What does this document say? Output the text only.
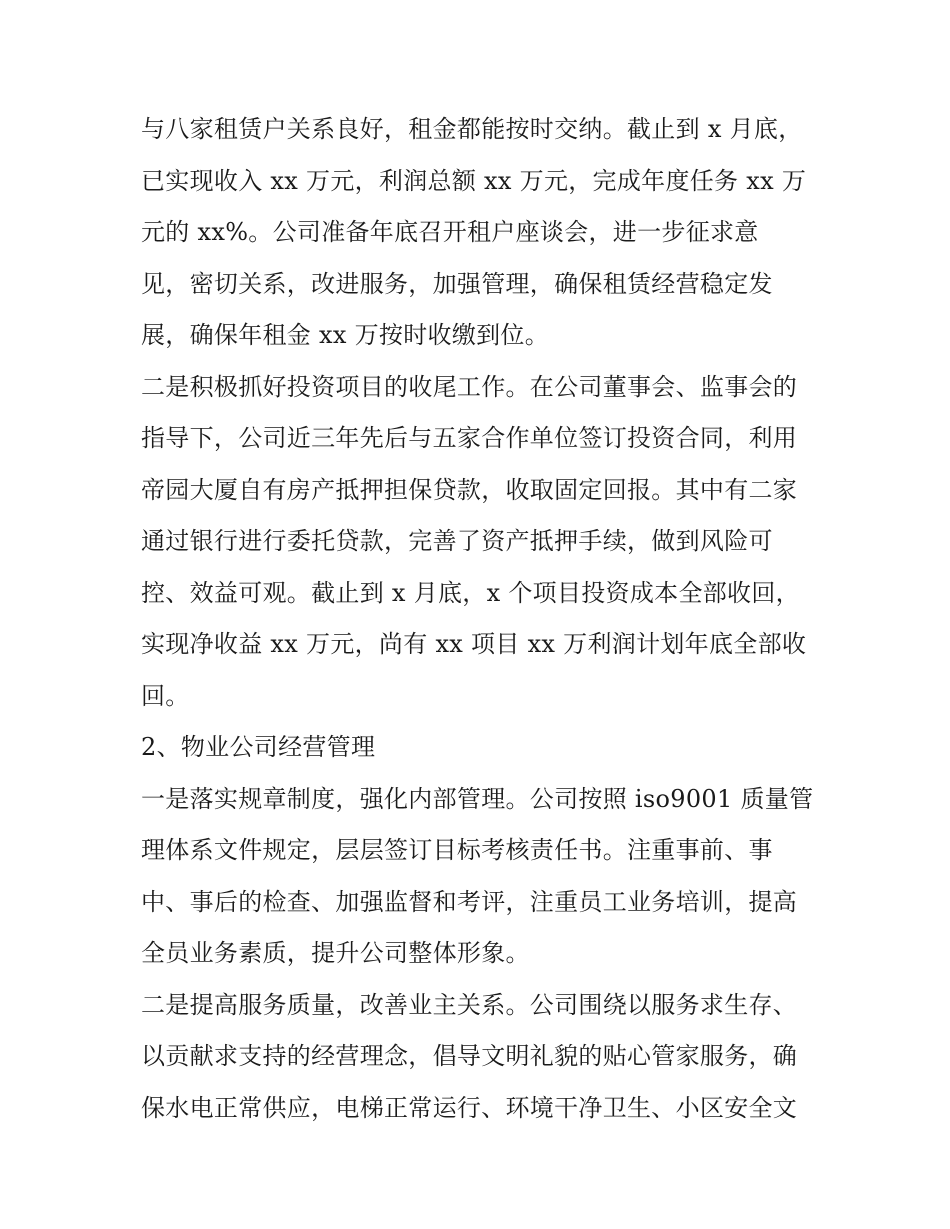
与八家租赁户关系良好，租金都能按时交纳。截止到 x 月底，
已实现收入 xx 万元，利润总额 xx 万元，完成年度任务 xx 万
元的 xx%。公司准备年底召开租户座谈会，进一步征求意
见，密切关系，改进服务，加强管理，确保租赁经营稳定发
展，确保年租金 xx 万按时收缴到位。
二是积极抓好投资项目的收尾工作。在公司董事会、监事会的
指导下，公司近三年先后与五家合作单位签订投资合同，利用
帝园大厦自有房产抵押担保贷款，收取固定回报。其中有二家
通过银行进行委托贷款，完善了资产抵押手续，做到风险可
控、效益可观。截止到 x 月底，x 个项目投资成本全部收回，
实现净收益 xx 万元，尚有 xx 项目 xx 万利润计划年底全部收
回。
2、物业公司经营管理
一是落实规章制度，强化内部管理。公司按照 iso9001 质量管
理体系文件规定，层层签订目标考核责任书。注重事前、事
中、事后的检查、加强监督和考评，注重员工业务培训，提高
全员业务素质，提升公司整体形象。
二是提高服务质量，改善业主关系。公司围绕以服务求生存、
以贡献求支持的经营理念，倡导文明礼貌的贴心管家服务，确
保水电正常供应，电梯正常运行、环境干净卫生、小区安全文
